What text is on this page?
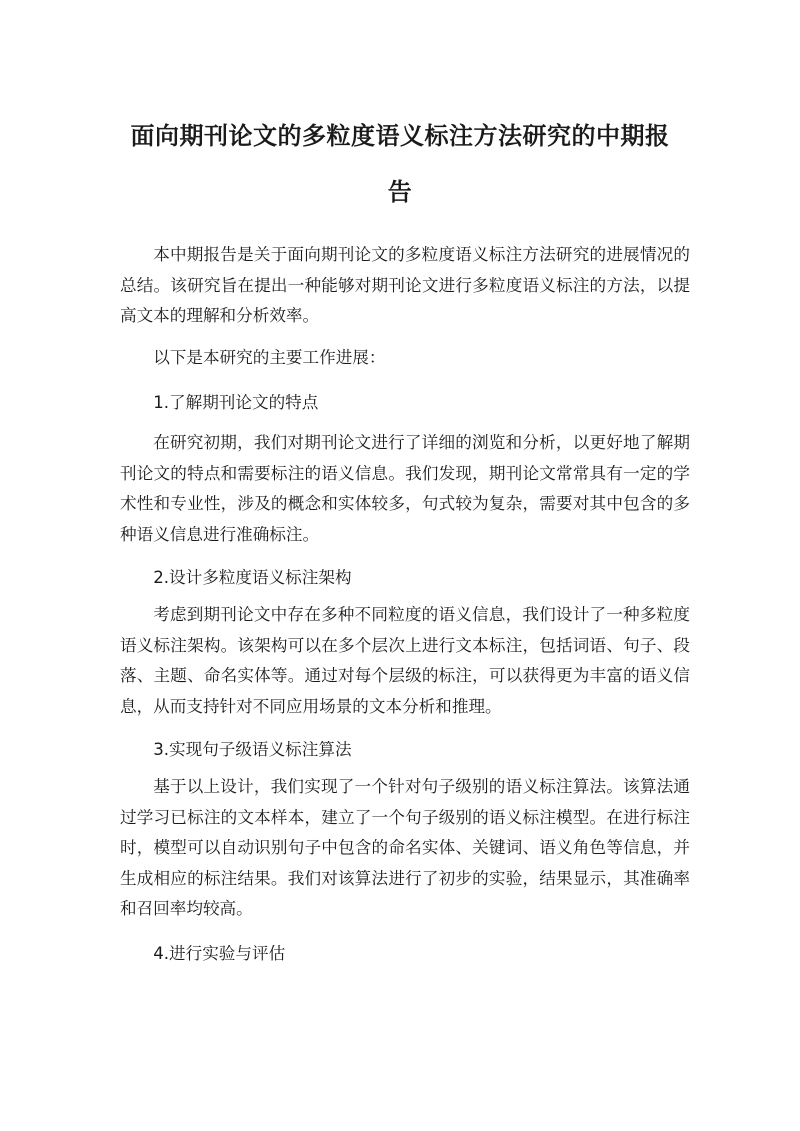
面向期刊论文的多粒度语义标注方法研究的中期报告

本中期报告是关于面向期刊论文的多粒度语义标注方法研究的进展情况的总结。该研究旨在提出一种能够对期刊论文进行多粒度语义标注的方法，以提高文本的理解和分析效率。

以下是本研究的主要工作进展：

1.了解期刊论文的特点

在研究初期，我们对期刊论文进行了详细的浏览和分析，以更好地了解期刊论文的特点和需要标注的语义信息。我们发现，期刊论文常常具有一定的学术性和专业性，涉及的概念和实体较多，句式较为复杂，需要对其中包含的多种语义信息进行准确标注。

2.设计多粒度语义标注架构

考虑到期刊论文中存在多种不同粒度的语义信息，我们设计了一种多粒度语义标注架构。该架构可以在多个层次上进行文本标注，包括词语、句子、段落、主题、命名实体等。通过对每个层级的标注，可以获得更为丰富的语义信息，从而支持针对不同应用场景的文本分析和推理。

3.实现句子级语义标注算法

基于以上设计，我们实现了一个针对句子级别的语义标注算法。该算法通过学习已标注的文本样本，建立了一个句子级别的语义标注模型。在进行标注时，模型可以自动识别句子中包含的命名实体、关键词、语义角色等信息，并生成相应的标注结果。我们对该算法进行了初步的实验，结果显示，其准确率和召回率均较高。

4.进行实验与评估
